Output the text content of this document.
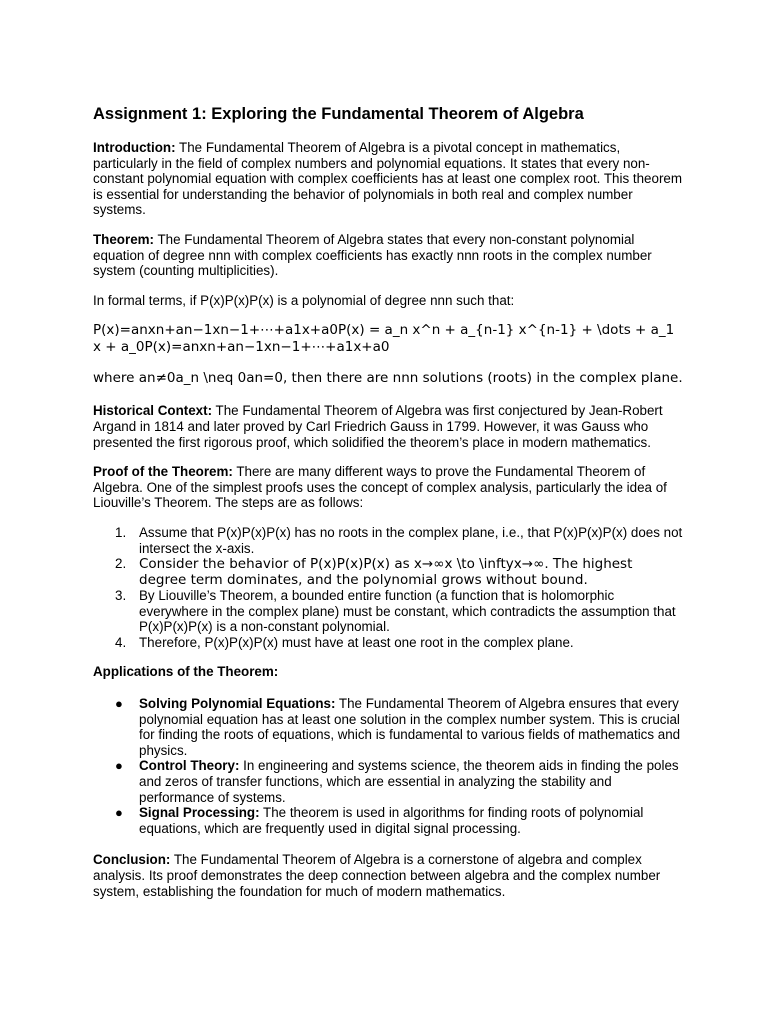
Assignment 1: Exploring the Fundamental Theorem of Algebra

Introduction: The Fundamental Theorem of Algebra is a pivotal concept in mathematics, particularly in the field of complex numbers and polynomial equations. It states that every non-constant polynomial equation with complex coefficients has at least one complex root. This theorem is essential for understanding the behavior of polynomials in both real and complex number systems.

Theorem: The Fundamental Theorem of Algebra states that every non-constant polynomial equation of degree nnn with complex coefficients has exactly nnn roots in the complex number system (counting multiplicities).

In formal terms, if P(x)P(x)P(x) is a polynomial of degree nnn such that:

P(x)=anxn+an−1xn−1+⋯+a1x+a0P(x) = a_n x^n + a_{n-1} x^{n-1} + \dots + a_1 x + a_0P(x)=anxn+an−1xn−1+⋯+a1x+a0

where an≠0a_n \neq 0an=0, then there are nnn solutions (roots) in the complex plane.

Historical Context: The Fundamental Theorem of Algebra was first conjectured by Jean-Robert Argand in 1814 and later proved by Carl Friedrich Gauss in 1799. However, it was Gauss who presented the first rigorous proof, which solidified the theorem’s place in modern mathematics.

Proof of the Theorem: There are many different ways to prove the Fundamental Theorem of Algebra. One of the simplest proofs uses the concept of complex analysis, particularly the idea of Liouville’s Theorem. The steps are as follows:

1. Assume that P(x)P(x)P(x) has no roots in the complex plane, i.e., that P(x)P(x)P(x) does not intersect the x-axis.
2. Consider the behavior of P(x)P(x)P(x) as x→∞x \to \inftyx→∞. The highest degree term dominates, and the polynomial grows without bound.
3. By Liouville’s Theorem, a bounded entire function (a function that is holomorphic everywhere in the complex plane) must be constant, which contradicts the assumption that P(x)P(x)P(x) is a non-constant polynomial.
4. Therefore, P(x)P(x)P(x) must have at least one root in the complex plane.

Applications of the Theorem:

● Solving Polynomial Equations: The Fundamental Theorem of Algebra ensures that every polynomial equation has at least one solution in the complex number system. This is crucial for finding the roots of equations, which is fundamental to various fields of mathematics and physics.
● Control Theory: In engineering and systems science, the theorem aids in finding the poles and zeros of transfer functions, which are essential in analyzing the stability and performance of systems.
● Signal Processing: The theorem is used in algorithms for finding roots of polynomial equations, which are frequently used in digital signal processing.

Conclusion: The Fundamental Theorem of Algebra is a cornerstone of algebra and complex analysis. Its proof demonstrates the deep connection between algebra and the complex number system, establishing the foundation for much of modern mathematics.
